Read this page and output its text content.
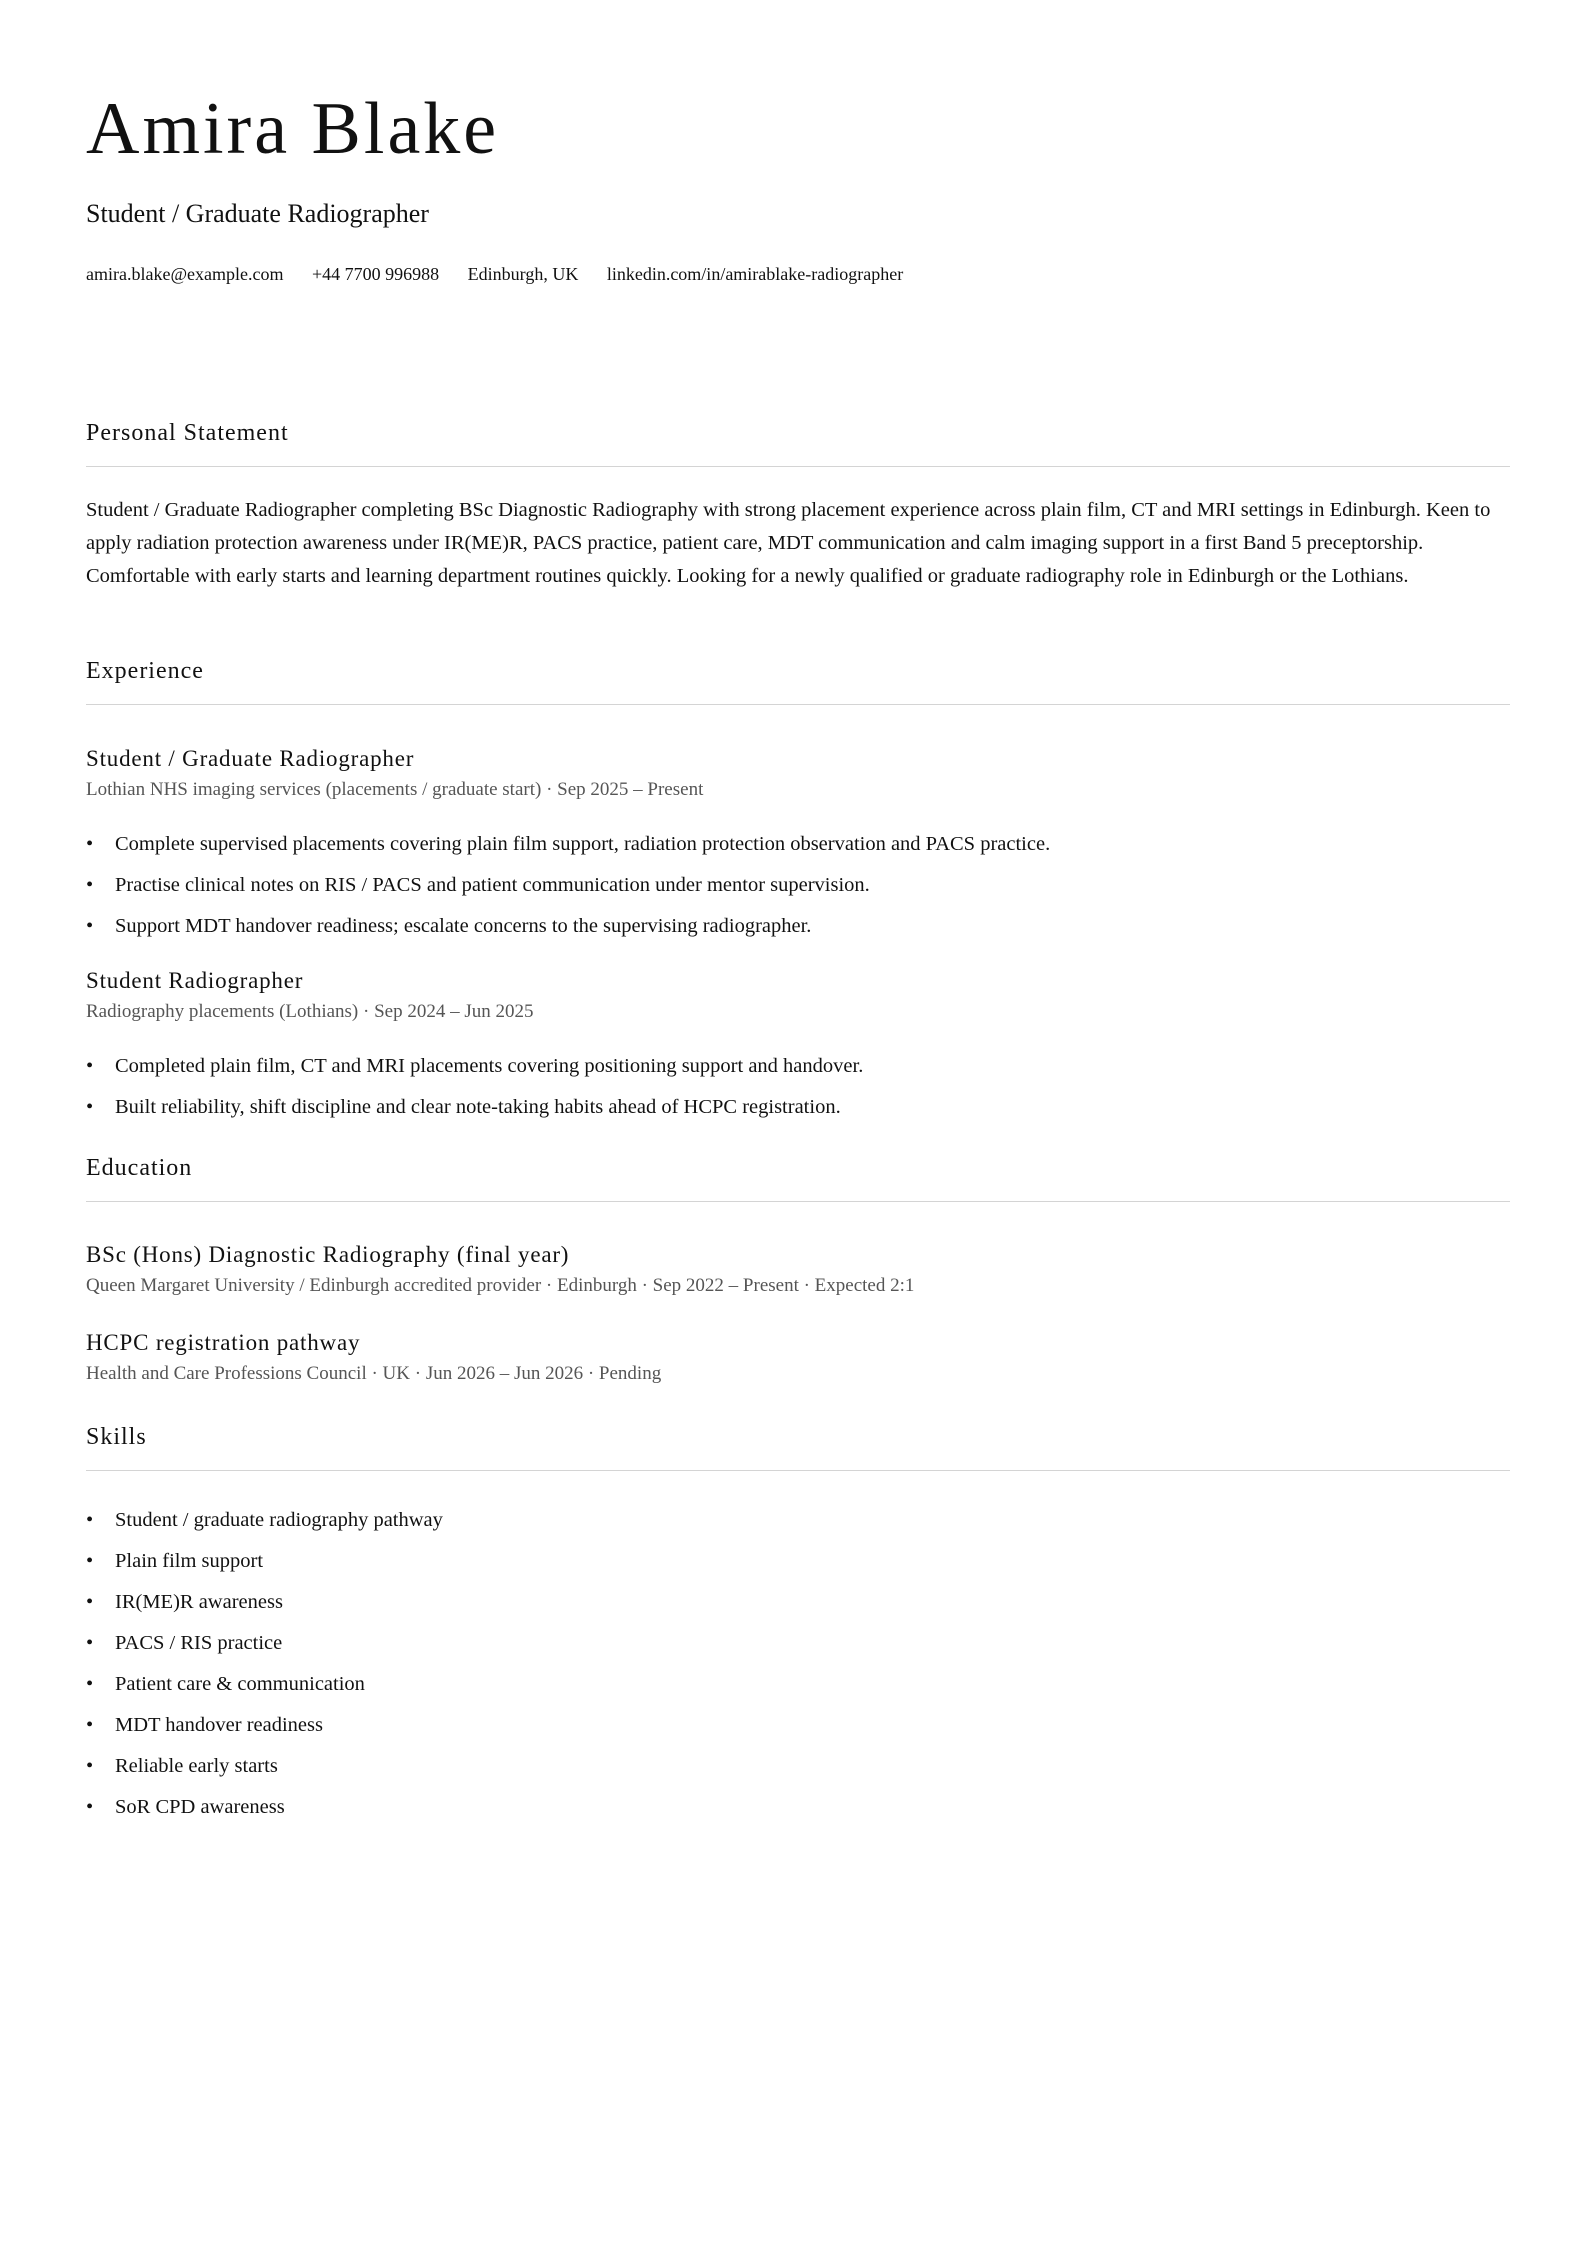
Amira Blake
Student / Graduate Radiographer
amira.blake@example.com +44 7700 996988 Edinburgh, UK linkedin.com/in/amirablake-radiographer
Personal Statement

Student / Graduate Radiographer completing BSc Diagnostic Radiography with strong placement experience across plain film, CT and MRI settings in Edinburgh. Keen to apply radiation protection awareness under IR(ME)R, PACS practice, patient care, MDT communication and calm imaging support in a first Band 5 preceptorship. Comfortable with early starts and learning department routines quickly. Looking for a newly qualified or graduate radiography role in Edinburgh or the Lothians.

Experience
Student / Graduate Radiographer
Lothian NHS imaging services (placements / graduate start) · Sep 2025 – Present
• Complete supervised placements covering plain film support, radiation protection observation and PACS practice.
• Practise clinical notes on RIS / PACS and patient communication under mentor supervision.
• Support MDT handover readiness; escalate concerns to the supervising radiographer.
Student Radiographer
Radiography placements (Lothians) · Sep 2024 – Jun 2025
• Completed plain film, CT and MRI placements covering positioning support and handover.
• Built reliability, shift discipline and clear note-taking habits ahead of HCPC registration.
Education
BSc (Hons) Diagnostic Radiography (final year)
Queen Margaret University / Edinburgh accredited provider · Edinburgh · Sep 2022 – Present · Expected 2:1
HCPC registration pathway
Health and Care Professions Council · UK · Jun 2026 – Jun 2026 · Pending
Skills
• Student / graduate radiography pathway
• Plain film support
• IR(ME)R awareness
• PACS / RIS practice
• Patient care & communication
• MDT handover readiness
• Reliable early starts
• SoR CPD awareness
